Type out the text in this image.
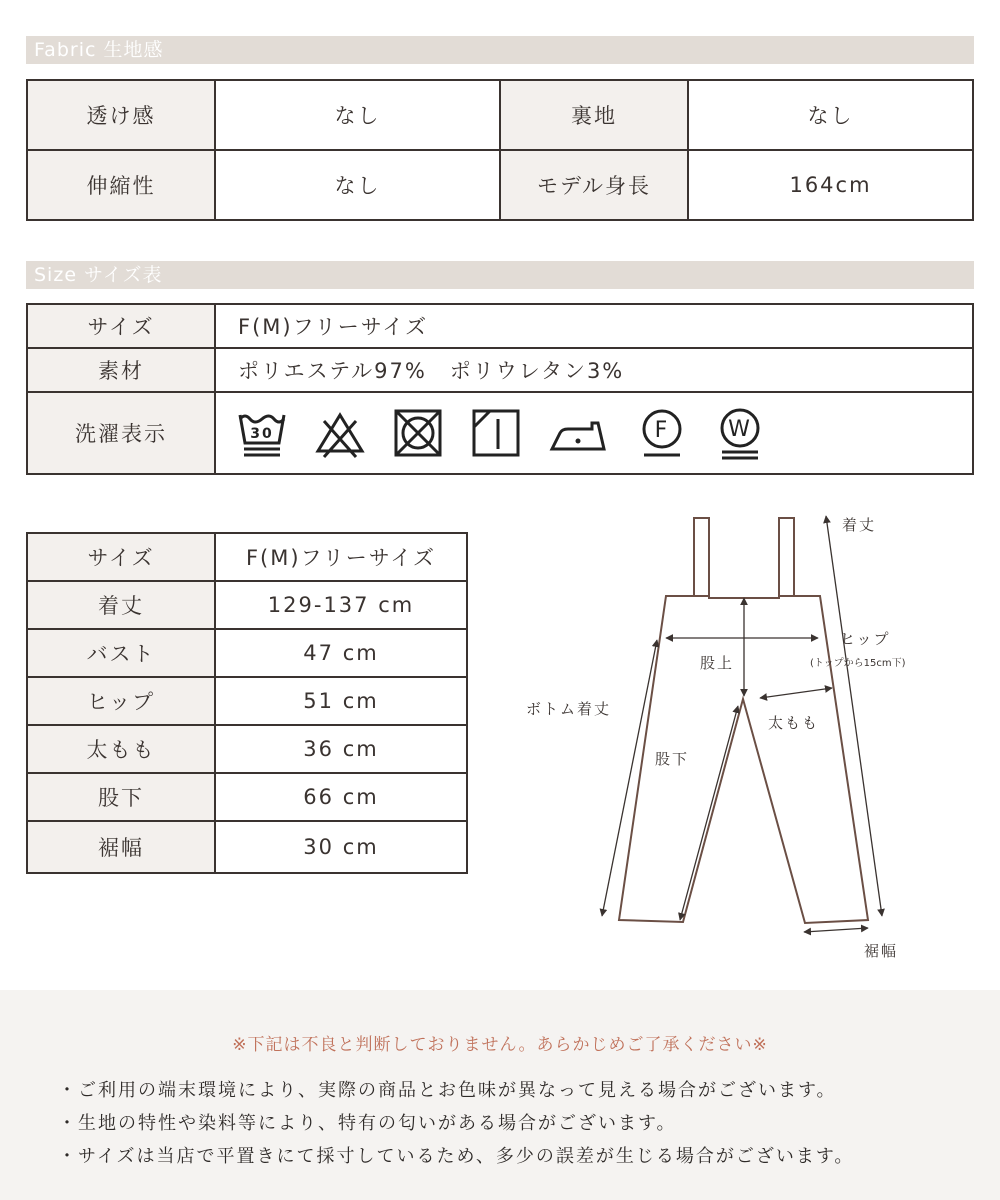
Fabric 生地感
透け感	なし	裏地	なし
伸縮性	なし	モデル身長	164cm
Size サイズ表
サイズ	F(M)フリーサイズ
素材	ポリエステル97%　ポリウレタン3%
洗濯表示	30	F	W
サイズ	F(M)フリーサイズ
着丈	129-137 cm
バスト	47 cm
ヒップ	51 cm
太もも	36 cm
股下	66 cm
裾幅	30 cm
着丈
ヒップ
(トップから15cm下)
股上
ボトム着丈
太もも
股下
裾幅
※下記は不良と判断しておりません。あらかじめご了承ください※
・ご利用の端末環境により、実際の商品とお色味が異なって見える場合がございます。
・生地の特性や染料等により、特有の匂いがある場合がございます。
・サイズは当店で平置きにて採寸しているため、多少の誤差が生じる場合がございます。
